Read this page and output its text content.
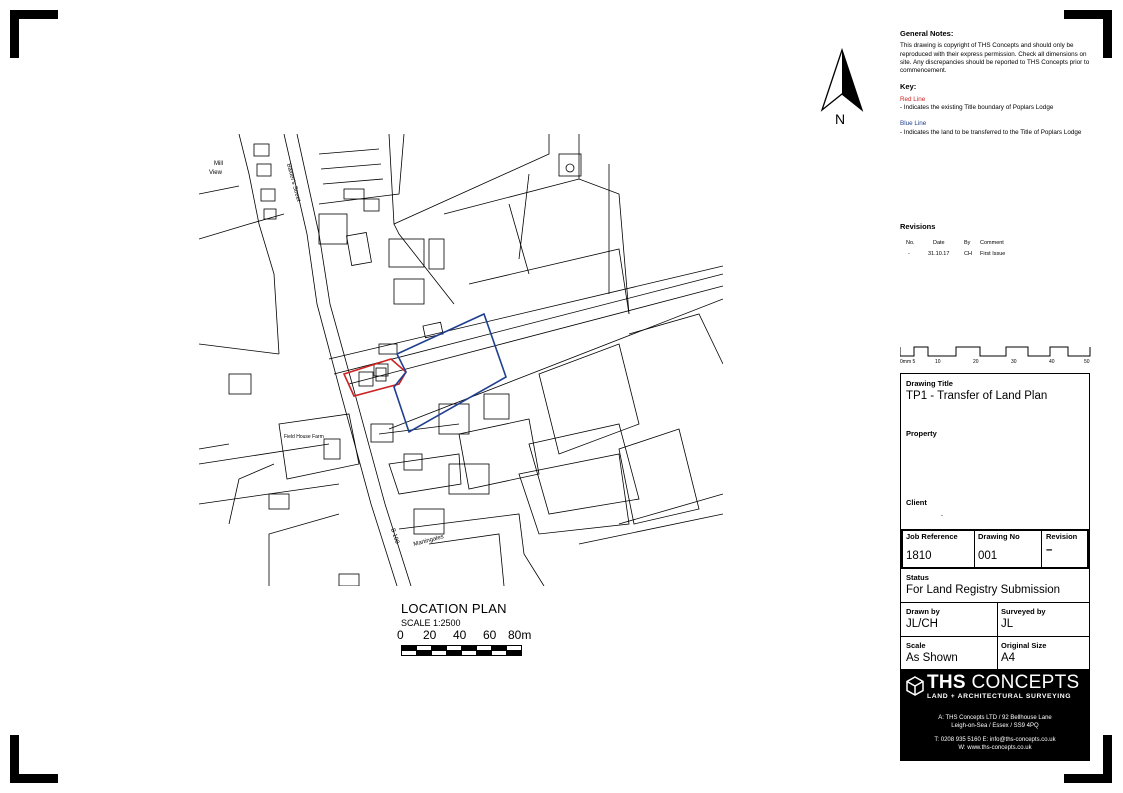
Mill
View	Baxter's Street
Field House Farm
B 108 Martingales
N
LOCATION PLAN
SCALE 1:2500
0 20 40 60 80m
General Notes:
This drawing is copyright of THS Concepts and should only be reproduced with their express permission. Check all dimensions on site. Any discrepancies should be reported to THS Concepts prior to commencement.
Key:
Red Line
- Indicates the existing Title boundary of Poplars Lodge
Blue Line
- Indicates the land to be transferred to the Title of Poplars Lodge
Revisions
No.	Date	By Comment
-	31.10.17	CH First Issue
0mm 5	10	20	30	40	50
Drawing Title
TP1 - Transfer of Land Plan
Property
Client
-
Job Reference
1810
Drawing No
001
Revision
–
Status
For Land Registry Submission
Drawn by
JL/CH
Surveyed by
JL
Scale
As Shown
Original Size
A4
THS CONCEPTS
LAND + ARCHITECTURAL SURVEYING
A: THS Concepts LTD / 92 Bellhouse Lane
Leigh-on-Sea / Essex / SS9 4PQ
T: 0208 935 5160 E: info@ths-concepts.co.uk
W: www.ths-concepts.co.uk
